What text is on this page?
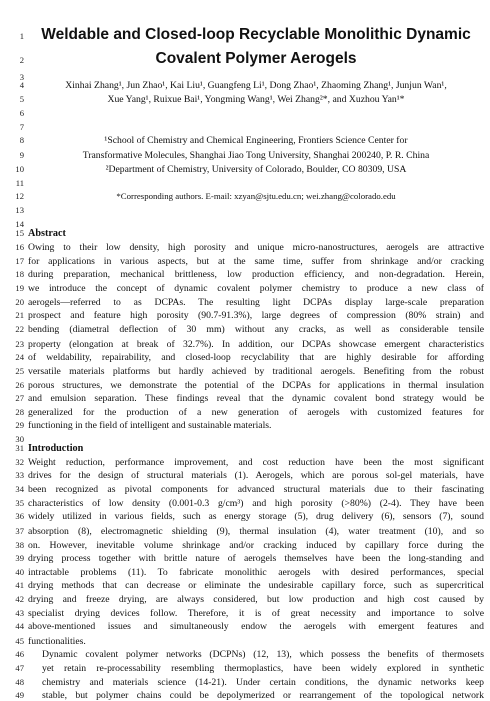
1	Weldable and Closed-loop Recyclable Monolithic Dynamic
2	Covalent Polymer Aerogels
3
4	Xinhai Zhang¹, Jun Zhao¹, Kai Liu¹, Guangfeng Li¹, Dong Zhao¹, Zhaoming Zhang¹, Junjun Wan¹,
5	Xue Yang¹, Ruixue Bai¹, Yongming Wang¹, Wei Zhang²*, and Xuzhou Yan¹*
6
7
8	¹School of Chemistry and Chemical Engineering, Frontiers Science Center for
9	Transformative Molecules, Shanghai Jiao Tong University, Shanghai 200240, P. R. China
10	²Department of Chemistry, University of Colorado, Boulder, CO 80309, USA
11
12	*Corresponding authors. E-mail: xzyan@sjtu.edu.cn; wei.zhang@colorado.edu
13
14
15 Abstract
16 Owing to their low density, high porosity and unique micro-nanostructures, aerogels are attractive
17 for applications in various aspects, but at the same time, suffer from shrinkage and/or cracking
18 during preparation, mechanical brittleness, low production efficiency, and non-degradation. Herein,
19 we introduce the concept of dynamic covalent polymer chemistry to produce a new class of
20 aerogels—referred to as DCPAs. The resulting light DCPAs display large-scale preparation
21 prospect and feature high porosity (90.7-91.3%), large degrees of compression (80% strain) and
22 bending (diametral deflection of 30 mm) without any cracks, as well as considerable tensile
23 property (elongation at break of 32.7%). In addition, our DCPAs showcase emergent characteristics
24 of weldability, repairability, and closed-loop recyclability that are highly desirable for affording
25 versatile materials platforms but hardly achieved by traditional aerogels. Benefiting from the robust
26 porous structures, we demonstrate the potential of the DCPAs for applications in thermal insulation
27 and emulsion separation. These findings reveal that the dynamic covalent bond strategy would be
28 generalized for the production of a new generation of aerogels with customized features for
29 functioning in the field of intelligent and sustainable materials.
30
31 Introduction
32 Weight reduction, performance improvement, and cost reduction have been the most significant
33 drives for the design of structural materials (1). Aerogels, which are porous sol-gel materials, have
34 been recognized as pivotal components for advanced structural materials due to their fascinating
35 characteristics of low density (0.001-0.3 g/cm³) and high porosity (>80%) (2-4). They have been
36 widely utilized in various fields, such as energy storage (5), drug delivery (6), sensors (7), sound
37 absorption (8), electromagnetic shielding (9), thermal insulation (4), water treatment (10), and so
38 on. However, inevitable volume shrinkage and/or cracking induced by capillary force during the
39 drying process together with brittle nature of aerogels themselves have been the long-standing and
40 intractable problems (11). To fabricate monolithic aerogels with desired performances, special
41 drying methods that can decrease or eliminate the undesirable capillary force, such as supercritical
42 drying and freeze drying, are always considered, but low production and high cost caused by
43 specialist drying devices follow. Therefore, it is of great necessity and importance to solve
44 above-mentioned issues and simultaneously endow the aerogels with emergent features and
45 functionalities.
46	Dynamic covalent polymer networks (DCPNs) (12, 13), which possess the benefits of thermosets
47	yet retain re-processability resembling thermoplastics, have been widely explored in synthetic
48	chemistry and materials science (14-21). Under certain conditions, the dynamic networks keep
49	stable, but polymer chains could be depolymerized or rearrangement of the topological network
